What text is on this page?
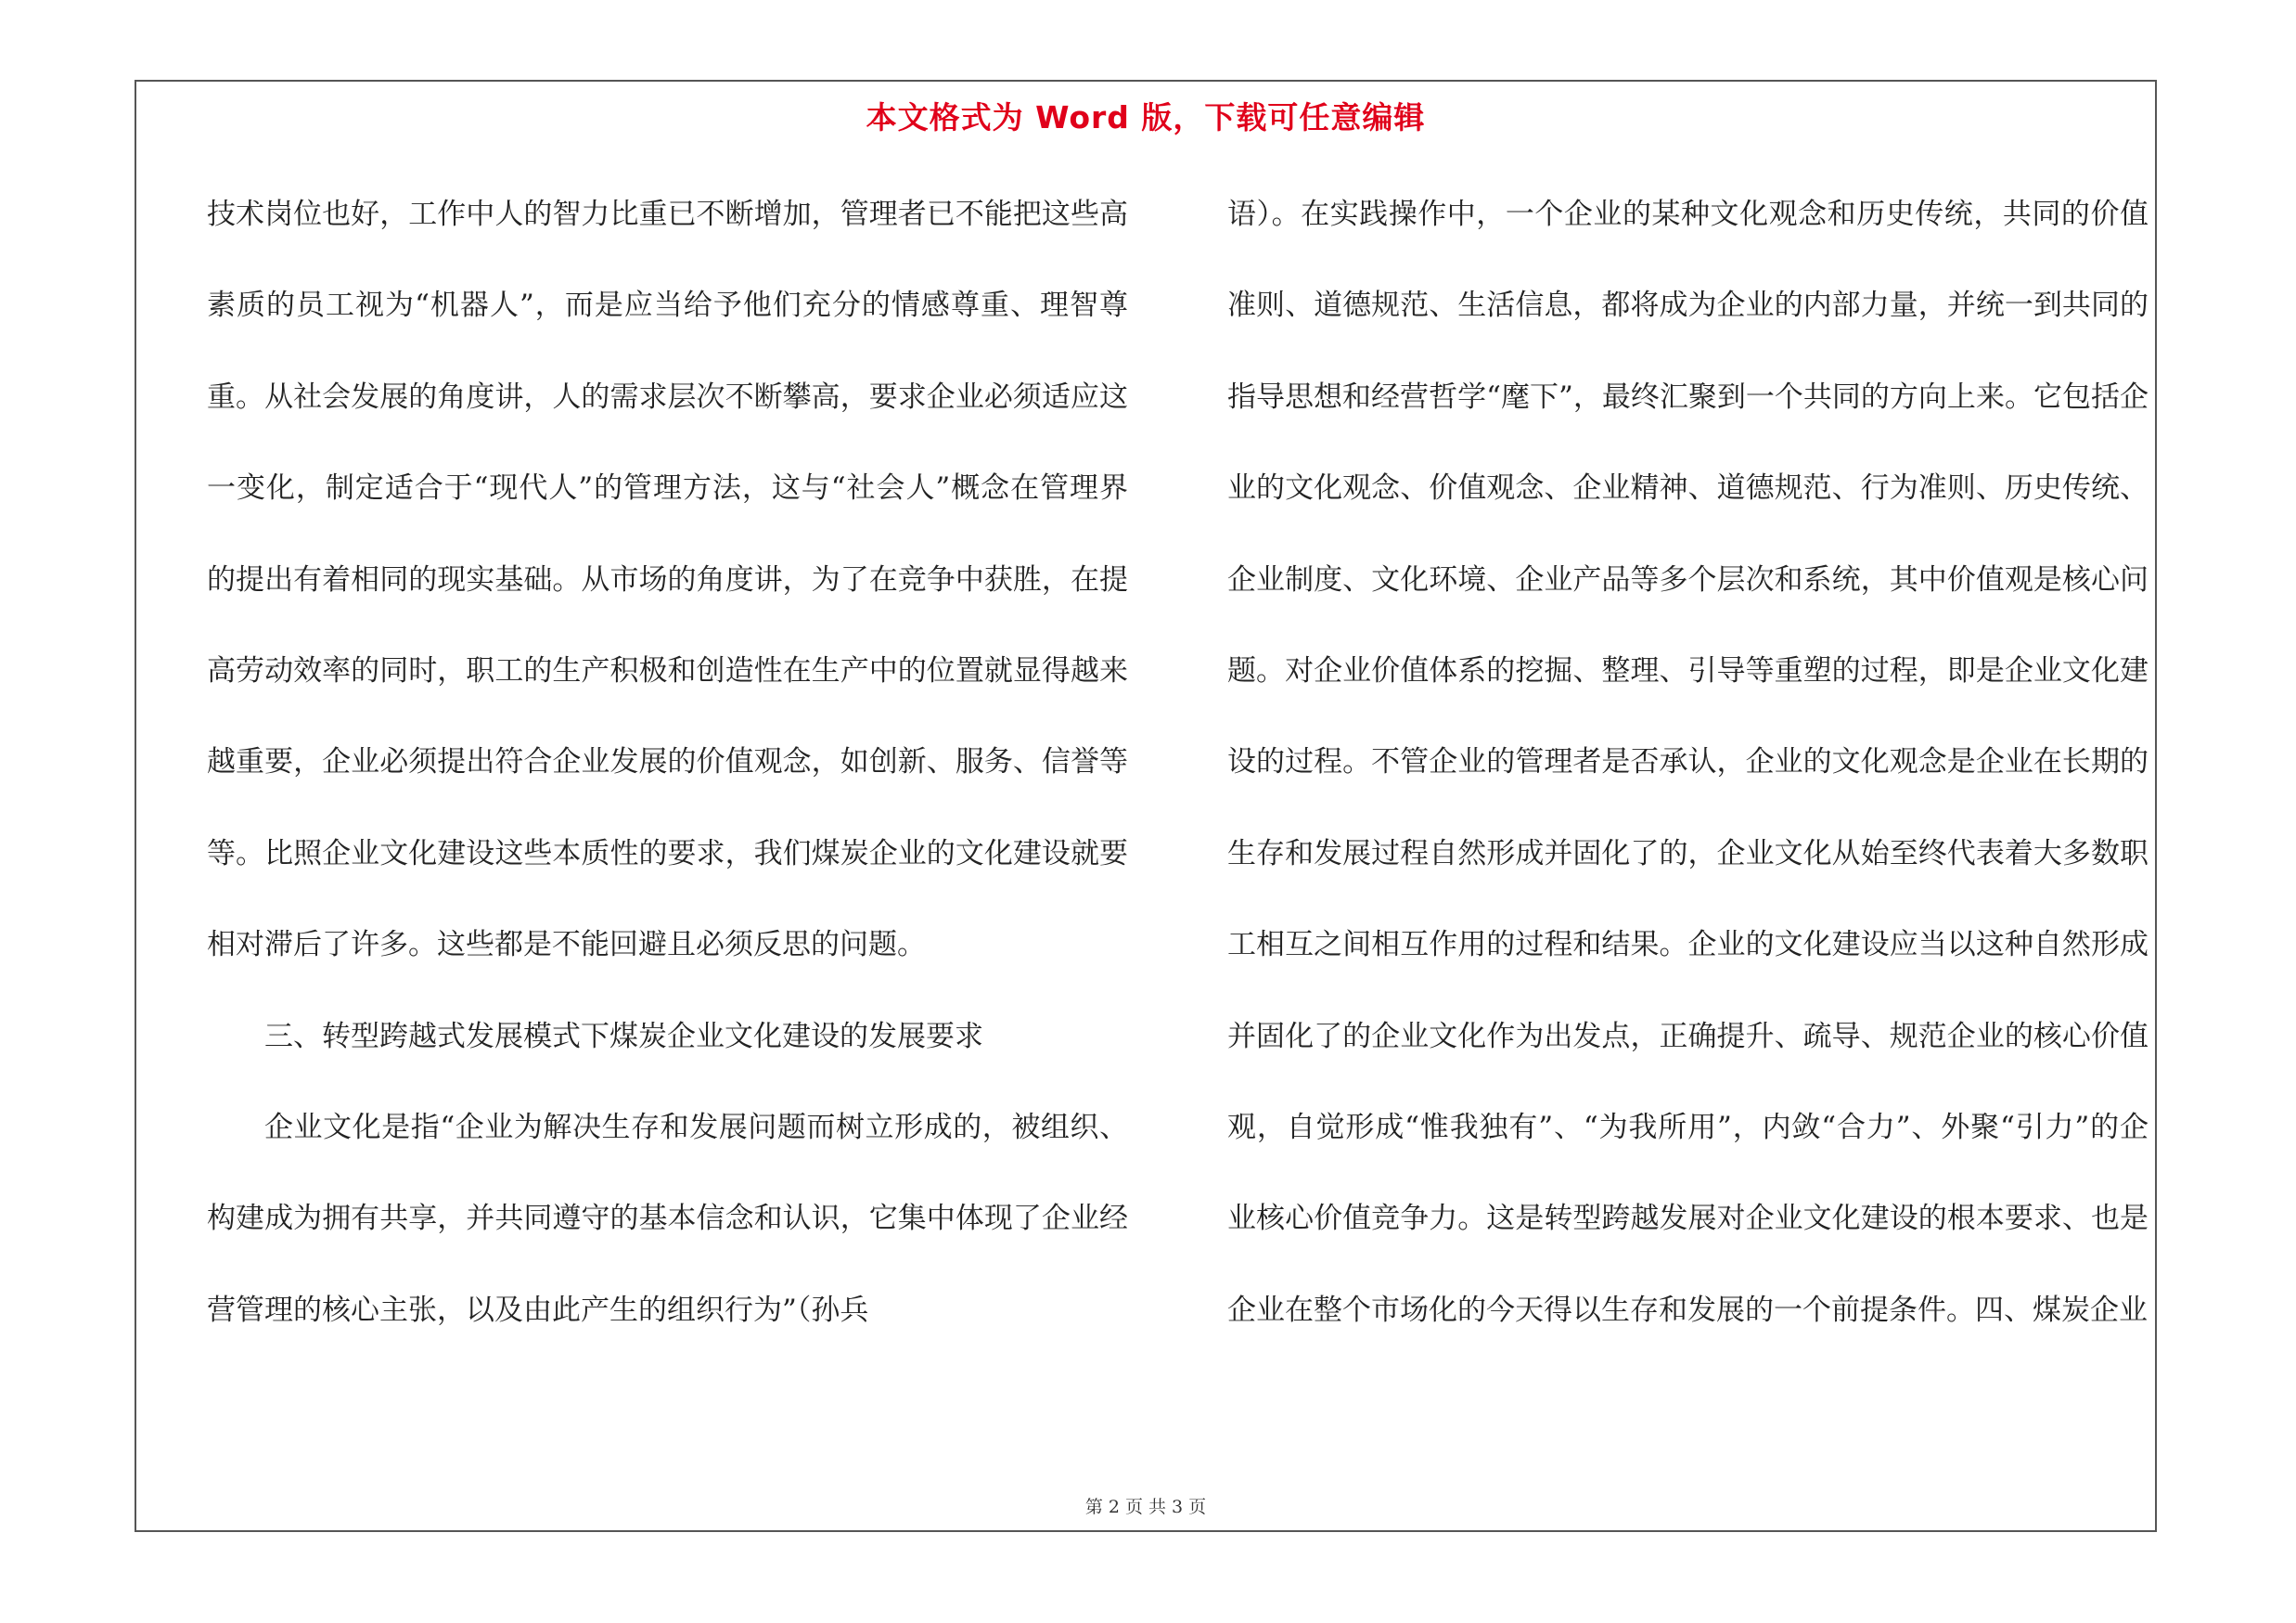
本文格式为 Word 版，下载可任意编辑

技术岗位也好，工作中人的智力比重已不断增加，管理者已不能把这些高素质的员工视为“机器人”，而是应当给予他们充分的情感尊重、理智尊重。从社会发展的角度讲，人的需求层次不断攀高，要求企业必须适应这一变化，制定适合于“现代人”的管理方法，这与“社会人”概念在管理界的提出有着相同的现实基础。从市场的角度讲，为了在竞争中获胜，在提高劳动效率的同时，职工的生产积极和创造性在生产中的位置就显得越来越重要，企业必须提出符合企业发展的价值观念，如创新、服务、信誉等等。比照企业文化建设这些本质性的要求，我们煤炭企业的文化建设就要相对滞后了许多。这些都是不能回避且必须反思的问题。

三、转型跨越式发展模式下煤炭企业文化建设的发展要求

企业文化是指“企业为解决生存和发展问题而树立形成的，被组织、构建成为拥有共享，并共同遵守的基本信念和认识，它集中体现了企业经营管理的核心主张，以及由此产生的组织行为”（孙兵

语）。在实践操作中，一个企业的某种文化观念和历史传统，共同的价值准则、道德规范、生活信息，都将成为企业的内部力量，并统一到共同的指导思想和经营哲学“麾下”，最终汇聚到一个共同的方向上来。它包括企业的文化观念、价值观念、企业精神、道德规范、行为准则、历史传统、企业制度、文化环境、企业产品等多个层次和系统，其中价值观是核心问题。对企业价值体系的挖掘、整理、引导等重塑的过程，即是企业文化建设的过程。不管企业的管理者是否承认，企业的文化观念是企业在长期的生存和发展过程自然形成并固化了的，企业文化从始至终代表着大多数职工相互之间相互作用的过程和结果。企业的文化建设应当以这种自然形成并固化了的企业文化作为出发点，正确提升、疏导、规范企业的核心价值观，自觉形成“惟我独有”、“为我所用”，内敛“合力”、外聚“引力”的企业核心价值竞争力。这是转型跨越发展对企业文化建设的根本要求、也是企业在整个市场化的今天得以生存和发展的一个前提条件。四、煤炭企业

第 2 页 共 3 页
